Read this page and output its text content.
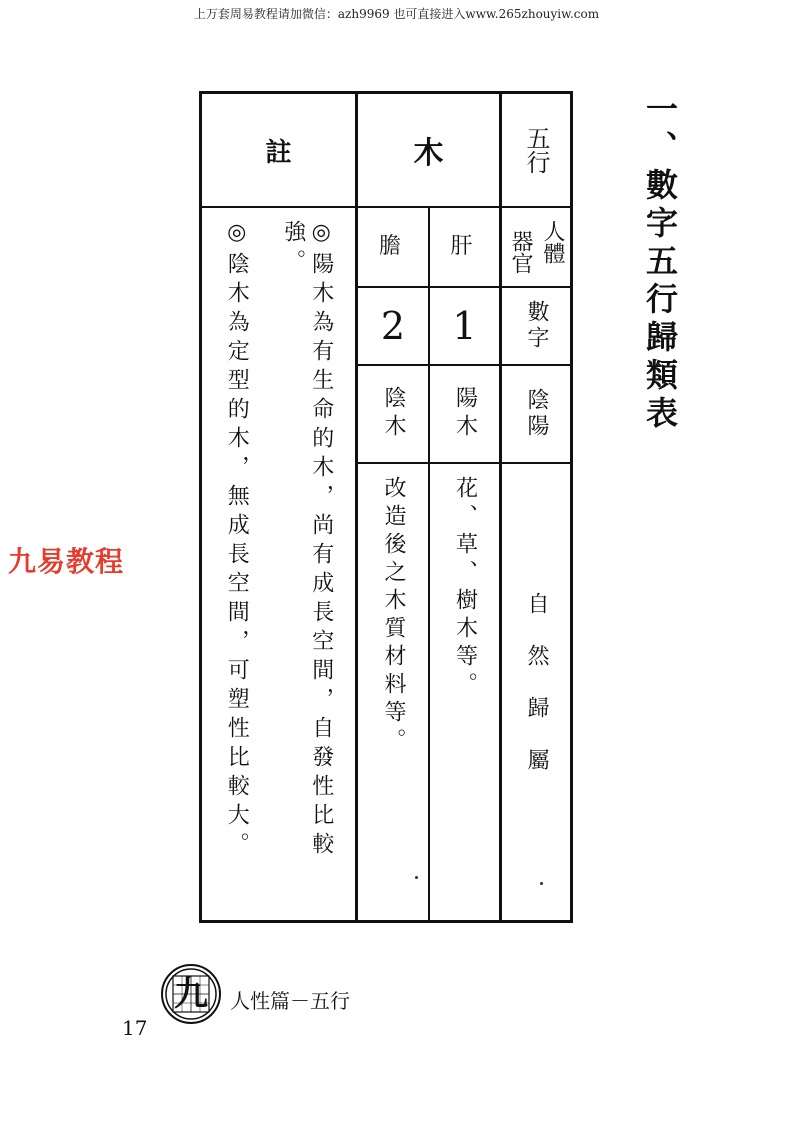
上万套周易教程请加微信：azh9969 也可直接进入www.265zhouyiw.com
一、數字五行歸類表
五行
木
註
人體
器官
數字
陰陽
自然歸屬
肝
1
陽木
花、草、樹木等。
膽
2
陰木
改造後之木質材料等。
◎陽木為有生命的木，尚有成長空間，自發性比較強。
◎陰木為定型的木，無成長空間，可塑性比較大。
九易教程
九 人性篇－五行
17
